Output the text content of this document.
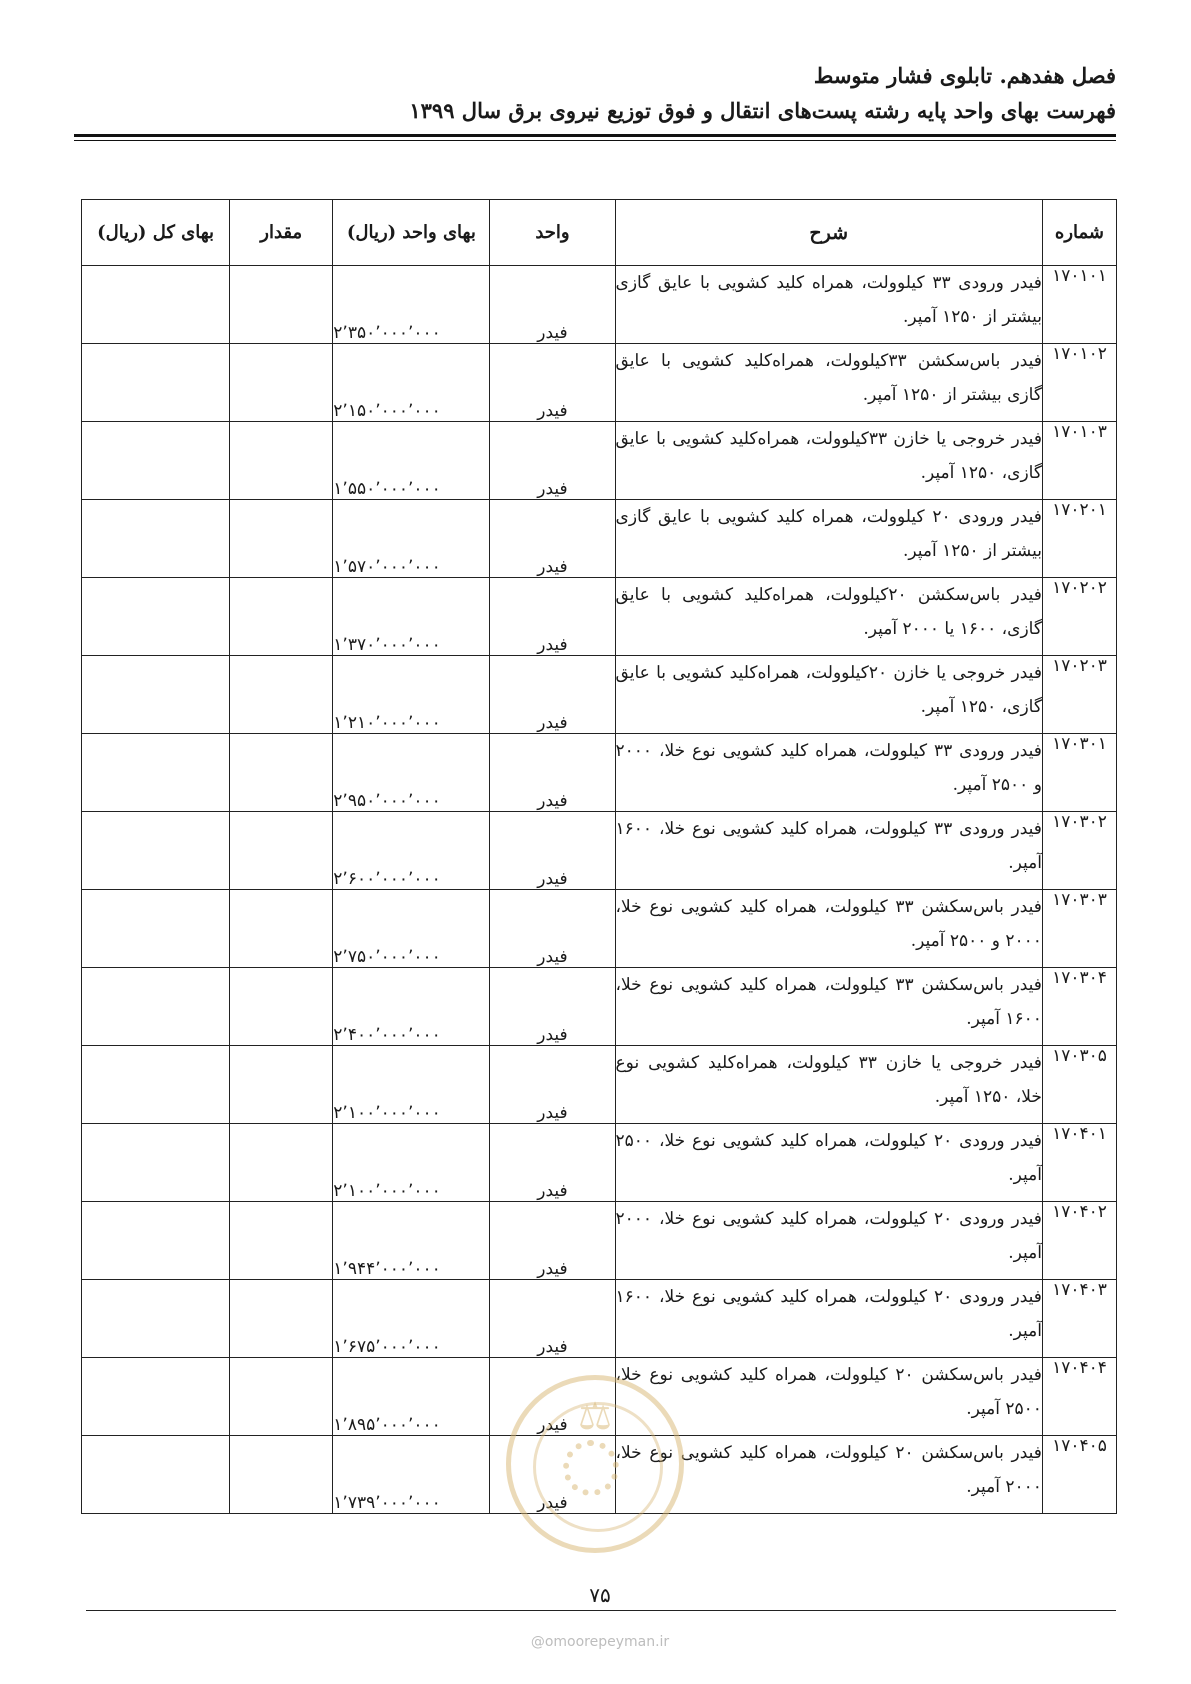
فصل هفدهم. تابلوی فشار متوسط
فهرست بهای واحد پایه رشته پست‌های انتقال و فوق توزیع نیروی برق سال ۱۳۹۹
شماره	شرح	واحد	بهای واحد (ریال)	مقدار	بهای کل (ریال)
۱۷۰۱۰۱	فیدر ورودی ۳۳ کیلوولت، همراه کلید کشویی با عایق گازی بیشتر از ۱۲۵۰ آمپر.	فیدر	۲٬۳۵۰٬۰۰۰٬۰۰۰		
۱۷۰۱۰۲	فیدر باس‌سکشن ۳۳کیلوولت، همراه‌کلید کشویی با عایق گازی بیشتر از ۱۲۵۰ آمپر.	فیدر	۲٬۱۵۰٬۰۰۰٬۰۰۰		
۱۷۰۱۰۳	فیدر خروجی یا خازن ۳۳کیلوولت، همراه‌کلید کشویی با عایق گازی، ۱۲۵۰ آمپر.	فیدر	۱٬۵۵۰٬۰۰۰٬۰۰۰		
۱۷۰۲۰۱	فیدر ورودی ۲۰ کیلوولت، همراه کلید کشویی با عایق گازی بیشتر از ۱۲۵۰ آمپر.	فیدر	۱٬۵۷۰٬۰۰۰٬۰۰۰		
۱۷۰۲۰۲	فیدر باس‌سکشن ۲۰کیلوولت، همراه‌کلید کشویی با عایق گازی، ۱۶۰۰ یا ۲۰۰۰ آمپر.	فیدر	۱٬۳۷۰٬۰۰۰٬۰۰۰		
۱۷۰۲۰۳	فیدر خروجی یا خازن ۲۰کیلوولت، همراه‌کلید کشویی با عایق گازی، ۱۲۵۰ آمپر.	فیدر	۱٬۲۱۰٬۰۰۰٬۰۰۰		
۱۷۰۳۰۱	فیدر ورودی ۳۳ کیلوولت، همراه کلید کشویی نوع خلا، ۲۰۰۰ و ۲۵۰۰ آمپر.	فیدر	۲٬۹۵۰٬۰۰۰٬۰۰۰		
۱۷۰۳۰۲	فیدر ورودی ۳۳ کیلوولت، همراه کلید کشویی نوع خلا، ۱۶۰۰ آمپر.	فیدر	۲٬۶۰۰٬۰۰۰٬۰۰۰		
۱۷۰۳۰۳	فیدر باس‌سکشن ۳۳ کیلوولت، همراه کلید کشویی نوع خلا، ۲۰۰۰ و ۲۵۰۰ آمپر.	فیدر	۲٬۷۵۰٬۰۰۰٬۰۰۰		
۱۷۰۳۰۴	فیدر باس‌سکشن ۳۳ کیلوولت، همراه کلید کشویی نوع خلا، ۱۶۰۰ آمپر.	فیدر	۲٬۴۰۰٬۰۰۰٬۰۰۰		
۱۷۰۳۰۵	فیدر خروجی یا خازن ۳۳ کیلوولت، همراه‌کلید کشویی نوع خلا، ۱۲۵۰ آمپر.	فیدر	۲٬۱۰۰٬۰۰۰٬۰۰۰		
۱۷۰۴۰۱	فیدر ورودی ۲۰ کیلوولت، همراه کلید کشویی نوع خلا، ۲۵۰۰ آمپر.	فیدر	۲٬۱۰۰٬۰۰۰٬۰۰۰		
۱۷۰۴۰۲	فیدر ورودی ۲۰ کیلوولت، همراه کلید کشویی نوع خلا، ۲۰۰۰ آمپر.	فیدر	۱٬۹۴۴٬۰۰۰٬۰۰۰		
۱۷۰۴۰۳	فیدر ورودی ۲۰ کیلوولت، همراه کلید کشویی نوع خلا، ۱۶۰۰ آمپر.	فیدر	۱٬۶۷۵٬۰۰۰٬۰۰۰		
۱۷۰۴۰۴	فیدر باس‌سکشن ۲۰ کیلوولت، همراه کلید کشویی نوع خلا، ۲۵۰۰ آمپر.	فیدر	۱٬۸۹۵٬۰۰۰٬۰۰۰		
۱۷۰۴۰۵	فیدر باس‌سکشن ۲۰ کیلوولت، همراه کلید کشویی نوع خلا، ۲۰۰۰ آمپر.	فیدر	۱٬۷۳۹٬۰۰۰٬۰۰۰		
⚖
۷۵
@omoorepeyman.ir
